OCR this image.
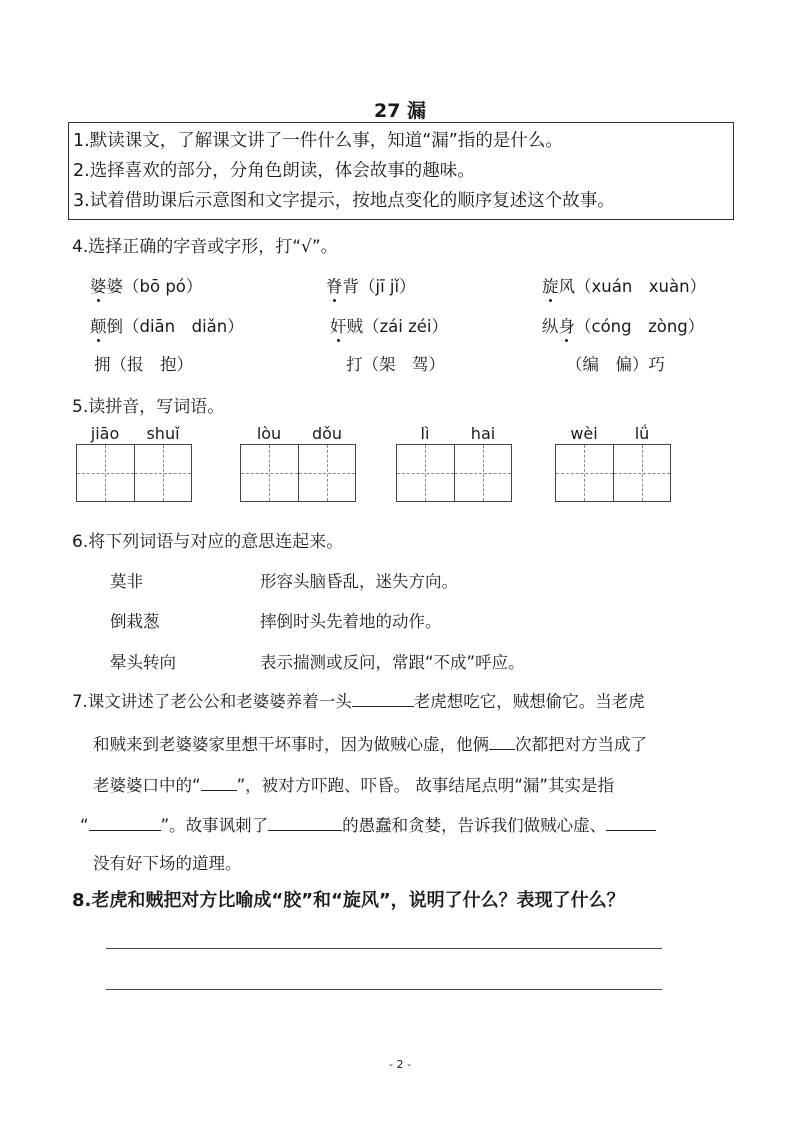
27 漏
1.默读课文，了解课文讲了一件什么事，知道“漏”指的是什么。
2.选择喜欢的部分，分角色朗读，体会故事的趣味。
3.试着借助课后示意图和文字提示，按地点变化的顺序复述这个故事。
4.选择正确的字音或字形，打“√”。
婆婆（bō pó）	脊背（jī jǐ）	旋风（xuán　xuàn）
颠倒（diān　diǎn）	奸贼（zái zéi）	纵身（cóng　zòng）
拥（报　抱）	打（架　驾）	（编　偏）巧
5.读拼音，写词语。
jiāo	shuǐ	lòu	dǒu	lì	hai	wèi	lǘ
6.将下列词语与对应的意思连起来。
莫非
倒栽葱
晕头转向
形容头脑昏乱，迷失方向。
摔倒时头先着地的动作。
表示揣测或反问，常跟“不成”呼应。
7.课文讲述了老公公和老婆婆养着一头	老虎想吃它，贼想偷它。当老虎
和贼来到老婆婆家里想干坏事时，因为做贼心虚，他俩 次都把对方当成了
老婆婆口中的“ ”，被对方吓跑、吓昏。 故事结尾点明“漏”其实是指
“	”。故事讽刺了	的愚蠢和贪婪，告诉我们做贼心虚、
没有好下场的道理。
8.老虎和贼把对方比喻成“胶”和“旋风”，说明了什么？表现了什么？
- 2 -
